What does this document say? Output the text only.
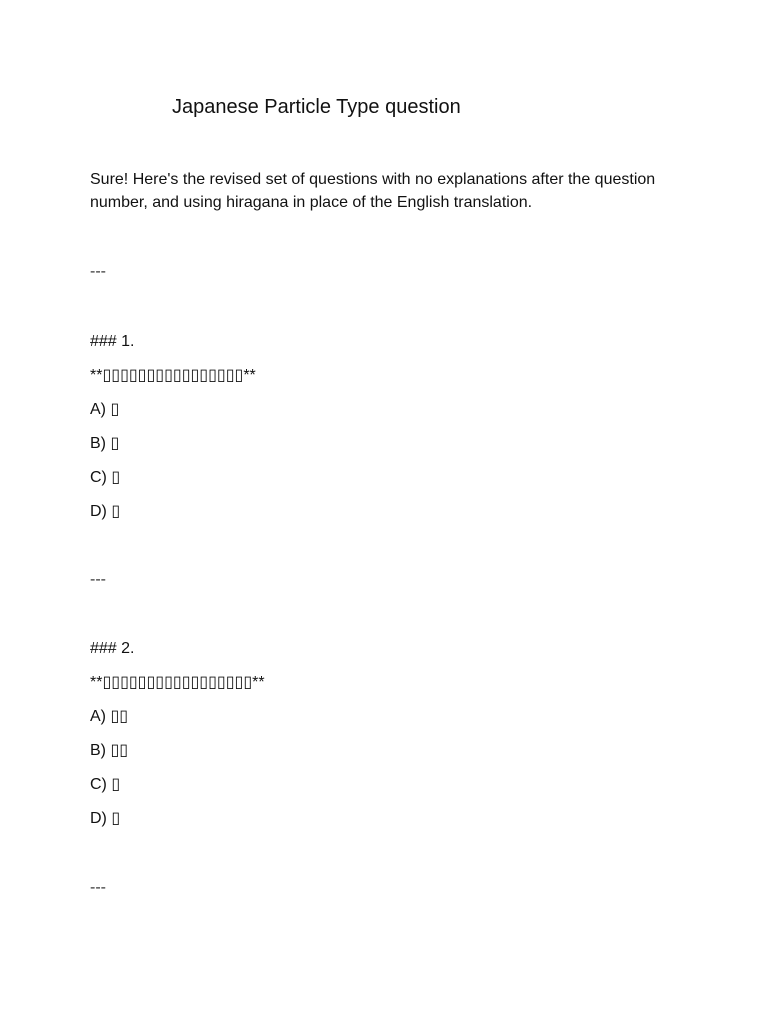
Japanese Particle Type question
Sure! Here's the revised set of questions with no explanations after the question number, and using hiragana in place of the English translation.
---
### 1.
**▯▯▯▯▯▯▯▯▯▯▯▯▯▯▯▯**
A) ▯
B) ▯
C) ▯
D) ▯
---
### 2.
**▯▯▯▯▯▯▯▯▯▯▯▯▯▯▯▯▯**
A) ▯▯
B) ▯▯
C) ▯
D) ▯
---
